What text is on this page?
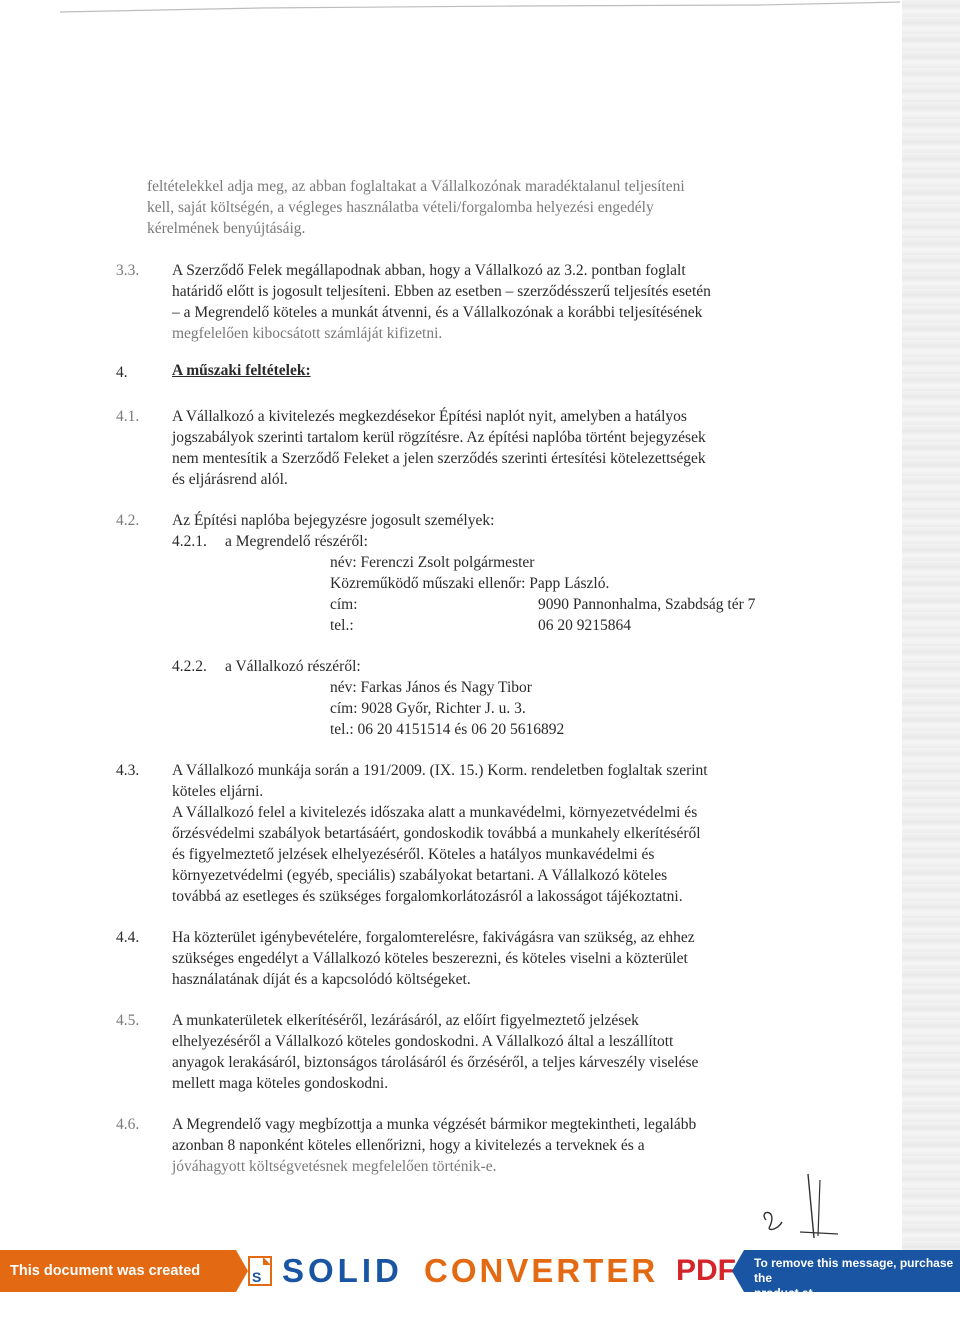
feltételekkel adja meg, az abban foglaltakat a Vállalkozónak maradéktalanul teljesíteni
kell, saját költségén, a végleges használatba vételi/forgalomba helyezési engedély
kérelmének benyújtásáig.
3.3. A Szerződő Felek megállapodnak abban, hogy a Vállalkozó az 3.2. pontban foglalt
határidő előtt is jogosult teljesíteni. Ebben az esetben – szerződésszerű teljesítés esetén
– a Megrendelő köteles a munkát átvenni, és a Vállalkozónak a korábbi teljesítésének
megfelelően kibocsátott számláját kifizetni.
4.	A műszaki feltételek:
4.1. A Vállalkozó a kivitelezés megkezdésekor Építési naplót nyit, amelyben a hatályos
jogszabályok szerinti tartalom kerül rögzítésre. Az építési naplóba történt bejegyzések
nem mentesítik a Szerződő Feleket a jelen szerződés szerinti értesítési kötelezettségek
és eljárásrend alól.
4.2. Az Építési naplóba bejegyzésre jogosult személyek:
4.2.1. a Megrendelő részéről:
név: Ferenczi Zsolt polgármester
Közreműködő műszaki ellenőr: Papp László.
cím:	9090 Pannonhalma, Szabdság tér 7
tel.:	06 20 9215864
4.2.2. a Vállalkozó részéről:
név: Farkas János és Nagy Tibor
cím: 9028 Győr, Richter J. u. 3.
tel.: 06 20 4151514 és 06 20 5616892
4.3. A Vállalkozó munkája során a 191/2009. (IX. 15.) Korm. rendeletben foglaltak szerint
köteles eljárni.
A Vállalkozó felel a kivitelezés időszaka alatt a munkavédelmi, környezetvédelmi és
őrzésvédelmi szabályok betartásáért, gondoskodik továbbá a munkahely elkerítéséről
és figyelmeztető jelzések elhelyezéséről. Köteles a hatályos munkavédelmi és
környezetvédelmi (egyéb, speciális) szabályokat betartani. A Vállalkozó köteles
továbbá az esetleges és szükséges forgalomkorlátozásról a lakosságot tájékoztatni.
4.4. Ha közterület igénybevételére, forgalomterelésre, fakivágásra van szükség, az ehhez
szükséges engedélyt a Vállalkozó köteles beszerezni, és köteles viselni a közterület
használatának díját és a kapcsolódó költségeket.
4.5. A munkaterületek elkerítéséről, lezárásáról, az előírt figyelmeztető jelzések
elhelyezéséről a Vállalkozó köteles gondoskodni. A Vállalkozó által a leszállított
anyagok lerakásáról, biztonságos tárolásáról és őrzéséről, a teljes kárveszély viselése
mellett maga köteles gondoskodni.
4.6. A Megrendelő vagy megbízottja a munka végzését bármikor megtekintheti, legalább
azonban 8 naponként köteles ellenőrizni, hogy a kivitelezés a terveknek és a
jóváhagyott költségvetésnek megfelelően történik-e.
This document was created using
S SOLID CONVERTER PDF To remove this message, purchase the
product at www.SolidDocuments.com
